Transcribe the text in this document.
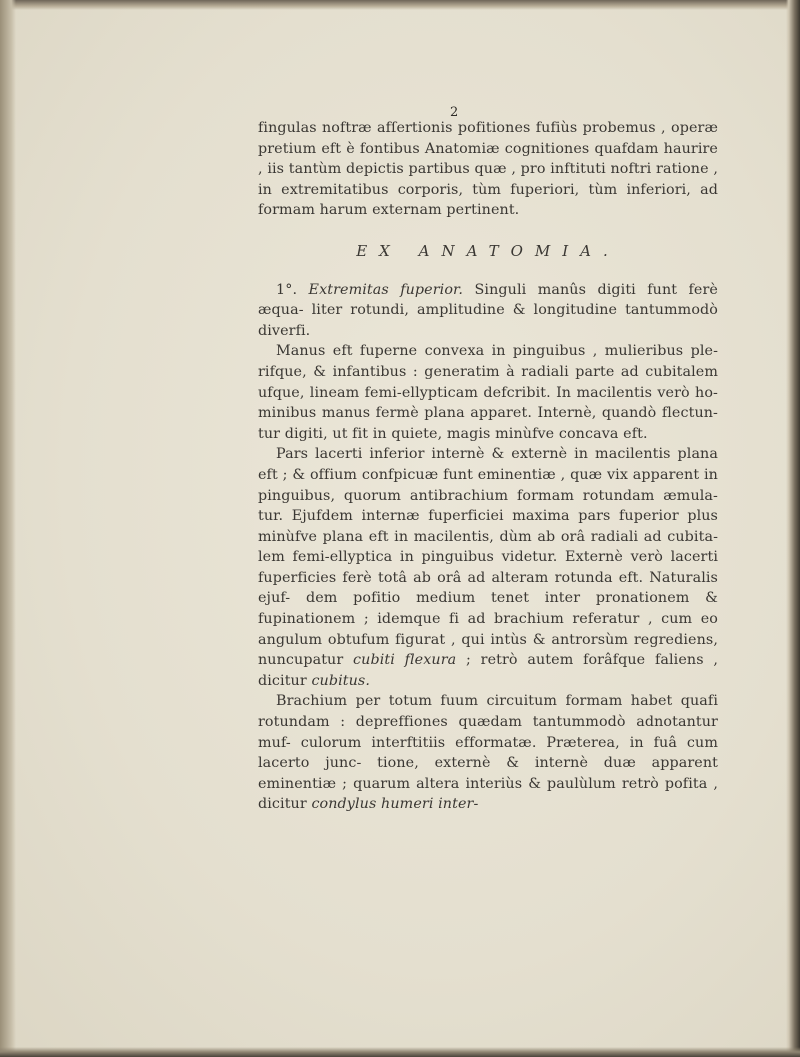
2

fingulas noftræ afſertionis pofitiones fufiùs probemus , operæ pretium eft è fontibus Anatomiæ cognitiones quafdam haurire , iis tantùm depictis partibus quæ , pro inftituti noftri ratione , in extremitatibus corporis, tùm fuperiori, tùm inferiori, ad formam harum externam pertinent.

EX ANATOMIA.

1°. Extremitas fuperior. Singuli manûs digiti funt ferè æqua- liter rotundi, amplitudine & longitudine tantummodò diverfi.

Manus eft fuperne convexa in pinguibus , mulieribus ple- rifque, & infantibus : generatim à radiali parte ad cubitalem ufque, lineam femi-ellypticam defcribit. In macilentis verò ho- minibus manus fermè plana apparet. Internè, quandò flectun- tur digiti, ut fit in quiete, magis minùfve concava eft.

Pars lacerti inferior internè & externè in macilentis plana eft ; & offium confpicuæ funt eminentiæ , quæ vix apparent in pinguibus, quorum antibrachium formam rotundam æmula- tur. Ejufdem internæ fuperficiei maxima pars fuperior plus minùfve plana eft in macilentis, dùm ab orâ radiali ad cubita- lem femi-ellyptica in pinguibus videtur. Externè verò lacerti fuperficies ferè totâ ab orâ ad alteram rotunda eft. Naturalis ejuf- dem pofitio medium tenet inter pronationem & fupinationem ; idemque fi ad brachium referatur , cum eo angulum obtufum figurat , qui intùs & antrorsùm regrediens, nuncupatur cubiti flexura ; retrò autem forâfque faliens , dicitur cubitus.

Brachium per totum fuum circuitum formam habet quafi rotundam : depreffiones quædam tantummodò adnotantur muf- culorum interftitiis efformatæ. Præterea, in fuâ cum lacerto junc- tione, externè & internè duæ apparent eminentiæ ; quarum altera interiùs & paulùlum retrò pofita , dicitur condylus humeri inter-
